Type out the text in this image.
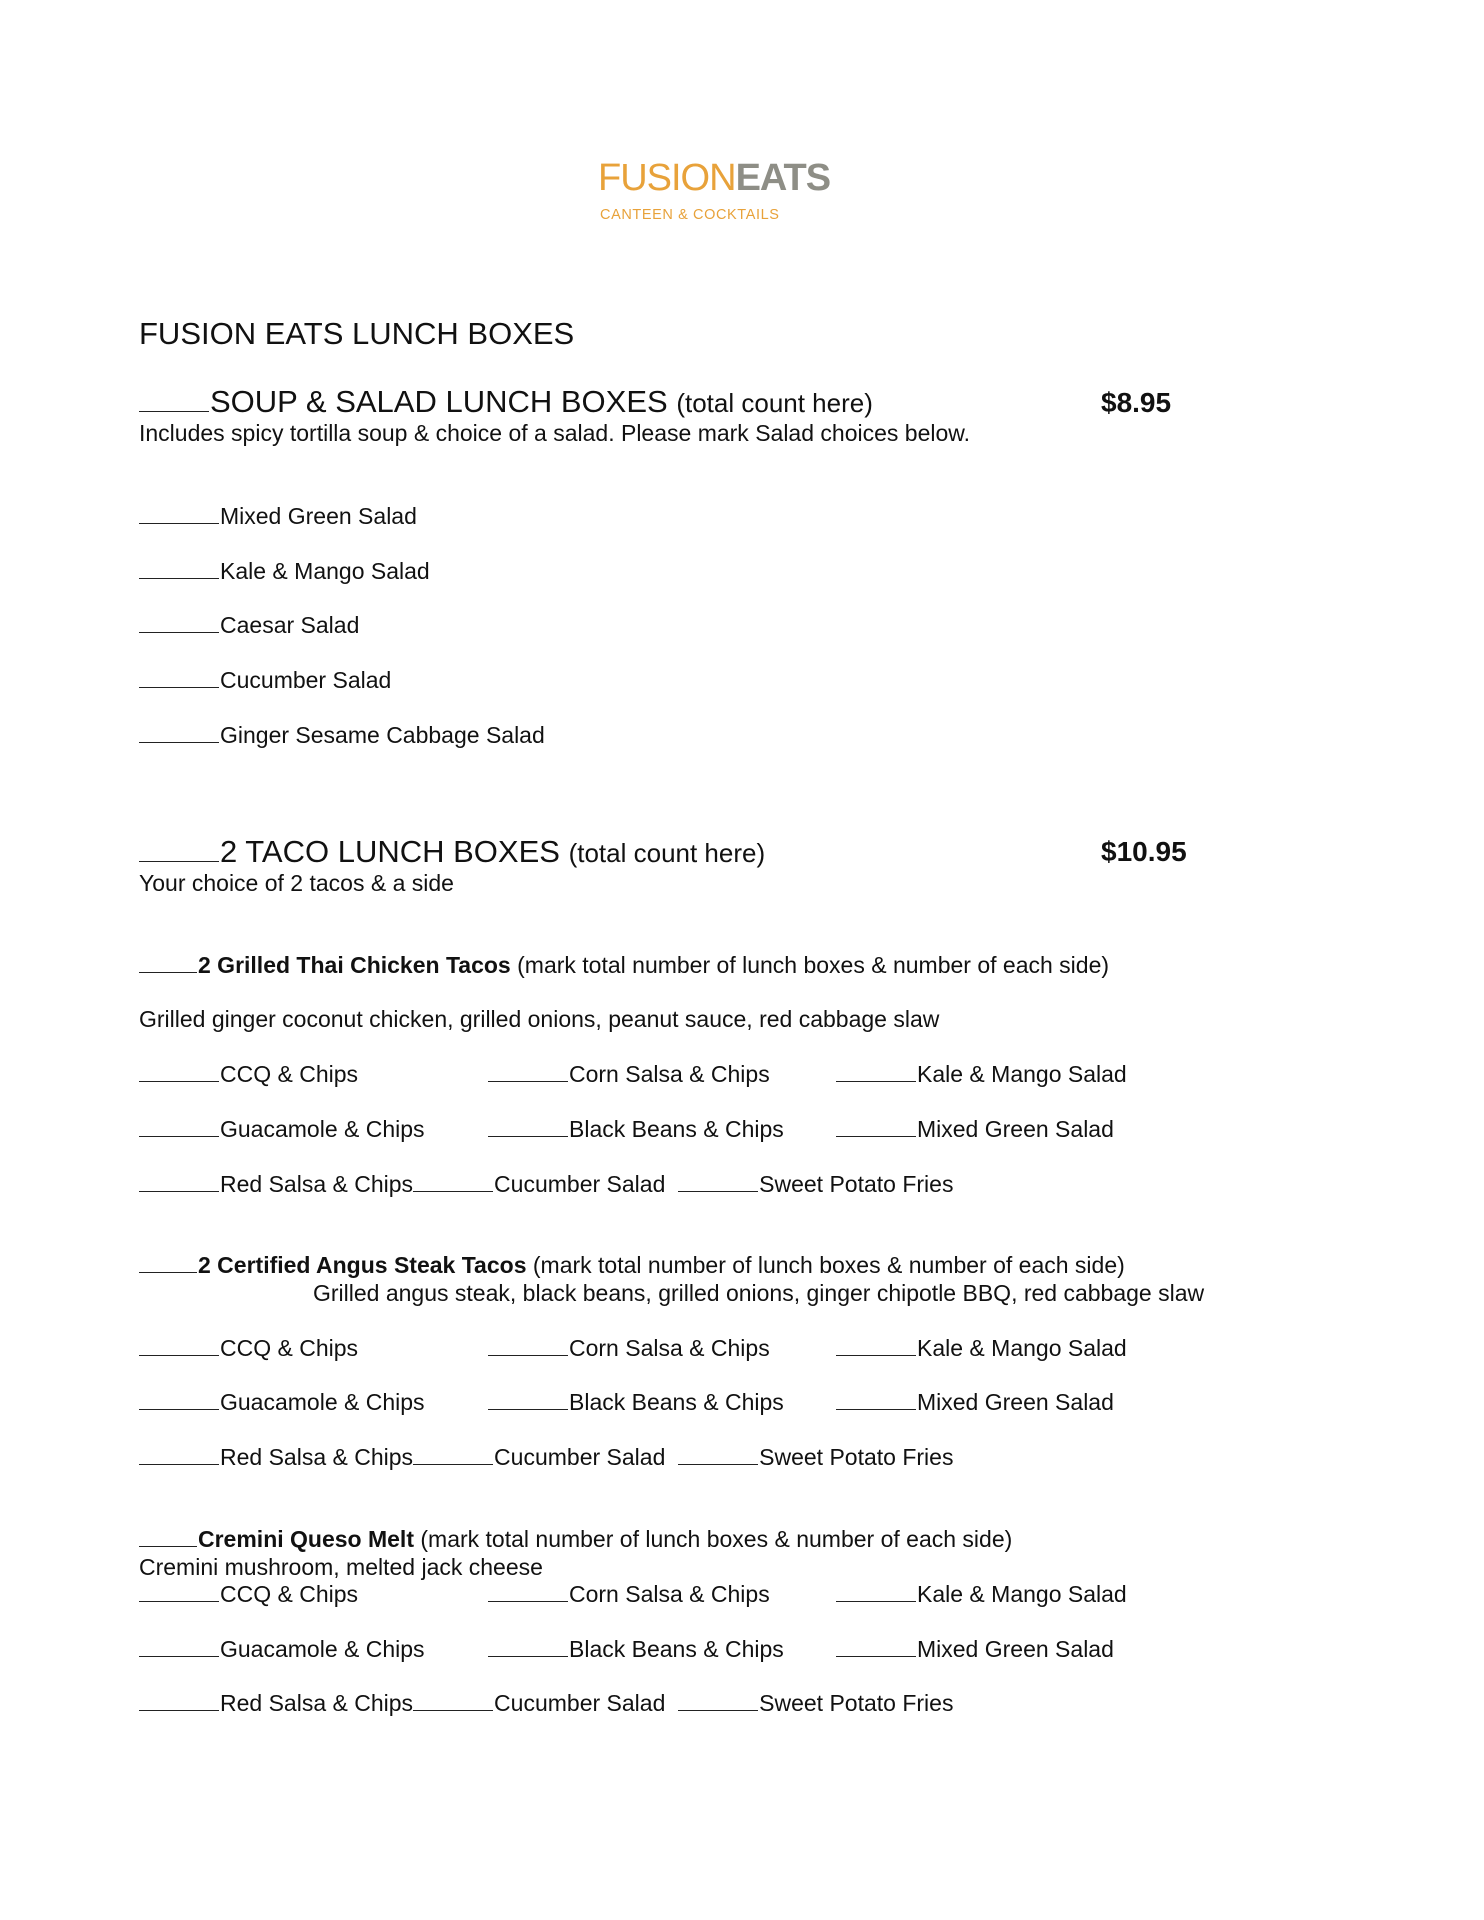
FUSIONEATS
CANTEEN & COCKTAILS
FUSION EATS LUNCH BOXES
SOUP & SALAD LUNCH BOXES (total count here)	$8.95
Includes spicy tortilla soup & choice of a salad. Please mark Salad choices below.
Mixed Green Salad
Kale & Mango Salad
Caesar Salad
Cucumber Salad
Ginger Sesame Cabbage Salad
2 TACO LUNCH BOXES (total count here)	$10.95
Your choice of 2 tacos & a side
2 Grilled Thai Chicken Tacos (mark total number of lunch boxes & number of each side)
Grilled ginger coconut chicken, grilled onions, peanut sauce, red cabbage slaw
CCQ & Chips	Corn Salsa & Chips	Kale & Mango Salad
Guacamole & Chips	Black Beans & Chips	Mixed Green Salad
Red Salsa & Chips	Cucumber Salad	Sweet Potato Fries
2 Certified Angus Steak Tacos (mark total number of lunch boxes & number of each side)
Grilled angus steak, black beans, grilled onions, ginger chipotle BBQ, red cabbage slaw
CCQ & Chips	Corn Salsa & Chips	Kale & Mango Salad
Guacamole & Chips	Black Beans & Chips	Mixed Green Salad
Red Salsa & Chips	Cucumber Salad	Sweet Potato Fries
Cremini Queso Melt (mark total number of lunch boxes & number of each side)
Cremini mushroom, melted jack cheese
CCQ & Chips	Corn Salsa & Chips	Kale & Mango Salad
Guacamole & Chips	Black Beans & Chips	Mixed Green Salad
Red Salsa & Chips	Cucumber Salad	Sweet Potato Fries
